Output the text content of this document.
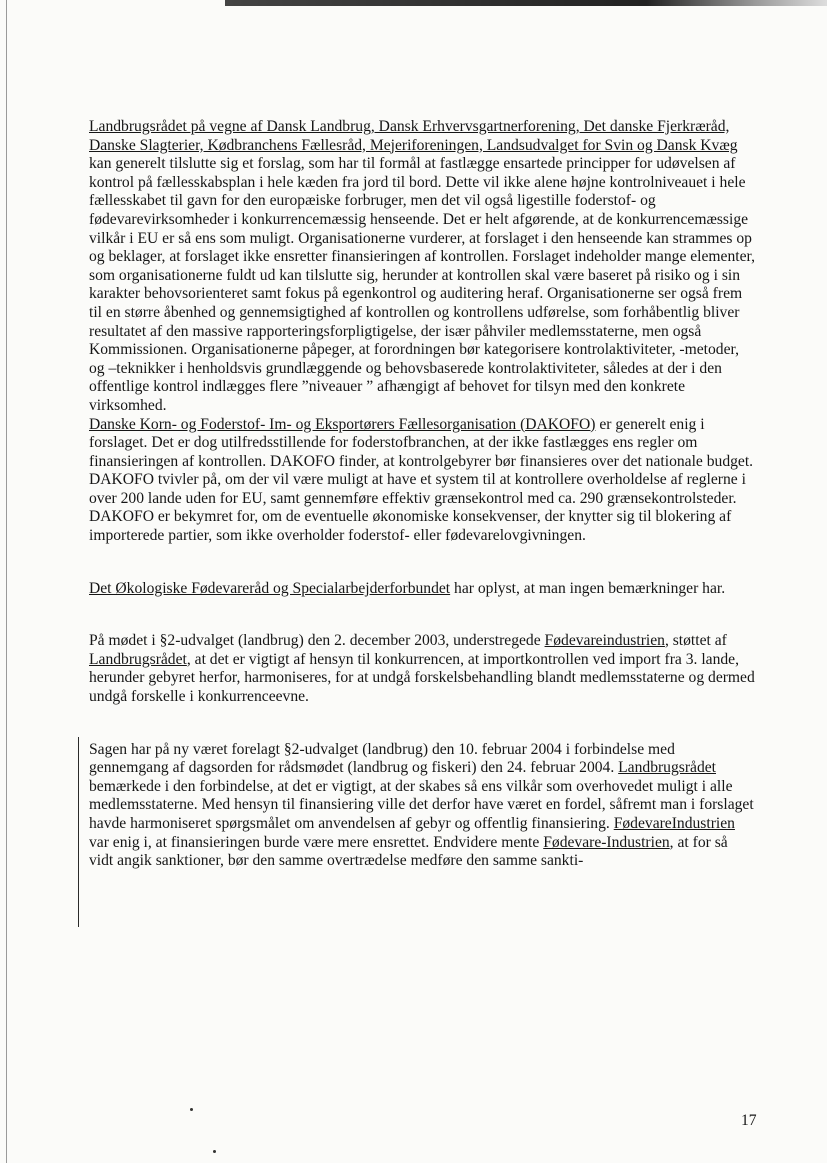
Landbrugsrådet på vegne af Dansk Landbrug, Dansk Erhvervsgartnerforening, Det danske Fjerkræråd, Danske Slagterier, Kødbranchens Fællesråd, Mejeriforeningen, Landsudvalget for Svin og Dansk Kvæg kan generelt tilslutte sig et forslag, som har til formål at fastlægge ensartede principper for udøvelsen af kontrol på fællesskabsplan i hele kæden fra jord til bord. Dette vil ikke alene højne kontrolniveauet i hele fællesskabet til gavn for den europæiske forbruger, men det vil også ligestille foderstof- og fødevarevirksomheder i konkurrencemæssig henseende. Det er helt afgørende, at de konkurrencemæssige vilkår i EU er så ens som muligt. Organisationerne vurderer, at forslaget i den henseende kan strammes op og beklager, at forslaget ikke ensretter finansieringen af kontrollen. Forslaget indeholder mange elementer, som organisationerne fuldt ud kan tilslutte sig, herunder at kontrollen skal være baseret på risiko og i sin karakter behovsorienteret samt fokus på egenkontrol og auditering heraf. Organisationerne ser også frem til en større åbenhed og gennemsigtighed af kontrollen og kontrollens udførelse, som forhåbentlig bliver resultatet af den massive rapporteringsforpligtigelse, der især påhviler medlemsstaterne, men også Kommissionen. Organisationerne påpeger, at forordningen bør kategorisere kontrolaktiviteter, -metoder, og –teknikker i henholdsvis grundlæggende og behovsbaserede kontrolaktiviteter, således at der i den offentlige kontrol indlægges flere ”niveauer ” afhængigt af behovet for tilsyn med den konkrete virksomhed.

Danske Korn- og Foderstof- Im- og Eksportørers Fællesorganisation (DAKOFO) er generelt enig i forslaget. Det er dog utilfredsstillende for foderstofbranchen, at der ikke fastlægges ens regler om finansieringen af kontrollen. DAKOFO finder, at kontrolgebyrer bør finansieres over det nationale budget. DAKOFO tvivler på, om der vil være muligt at have et system til at kontrollere overholdelse af reglerne i over 200 lande uden for EU, samt gennemføre effektiv grænsekontrol med ca. 290 grænsekontrolsteder. DAKOFO er bekymret for, om de eventuelle økonomiske konsekvenser, der knytter sig til blokering af importerede partier, som ikke overholder foderstof- eller fødevarelovgivningen.

Det Økologiske Fødevareråd og Specialarbejderforbundet har oplyst, at man ingen bemærkninger har.

På mødet i §2-udvalget (landbrug) den 2. december 2003, understregede Fødevareindustrien, støttet af Landbrugsrådet, at det er vigtigt af hensyn til konkurrencen, at importkontrollen ved import fra 3. lande, herunder gebyret herfor, harmoniseres, for at undgå forskelsbehandling blandt medlemsstaterne og dermed undgå forskelle i konkurrenceevne.

Sagen har på ny været forelagt §2-udvalget (landbrug) den 10. februar 2004 i forbindelse med gennemgang af dagsorden for rådsmødet (landbrug og fiskeri) den 24. februar 2004. Landbrugsrådet bemærkede i den forbindelse, at det er vigtigt, at der skabes så ens vilkår som overhovedet muligt i alle medlemsstaterne. Med hensyn til finansiering ville det derfor have været en fordel, såfremt man i forslaget havde harmoniseret spørgsmålet om anvendelsen af gebyr og offentlig finansiering. FødevareIndustrien var enig i, at finansieringen burde være mere ensrettet. Endvidere mente Fødevare-Industrien, at for så vidt angik sanktioner, bør den samme overtrædelse medføre den samme sankti-

17
